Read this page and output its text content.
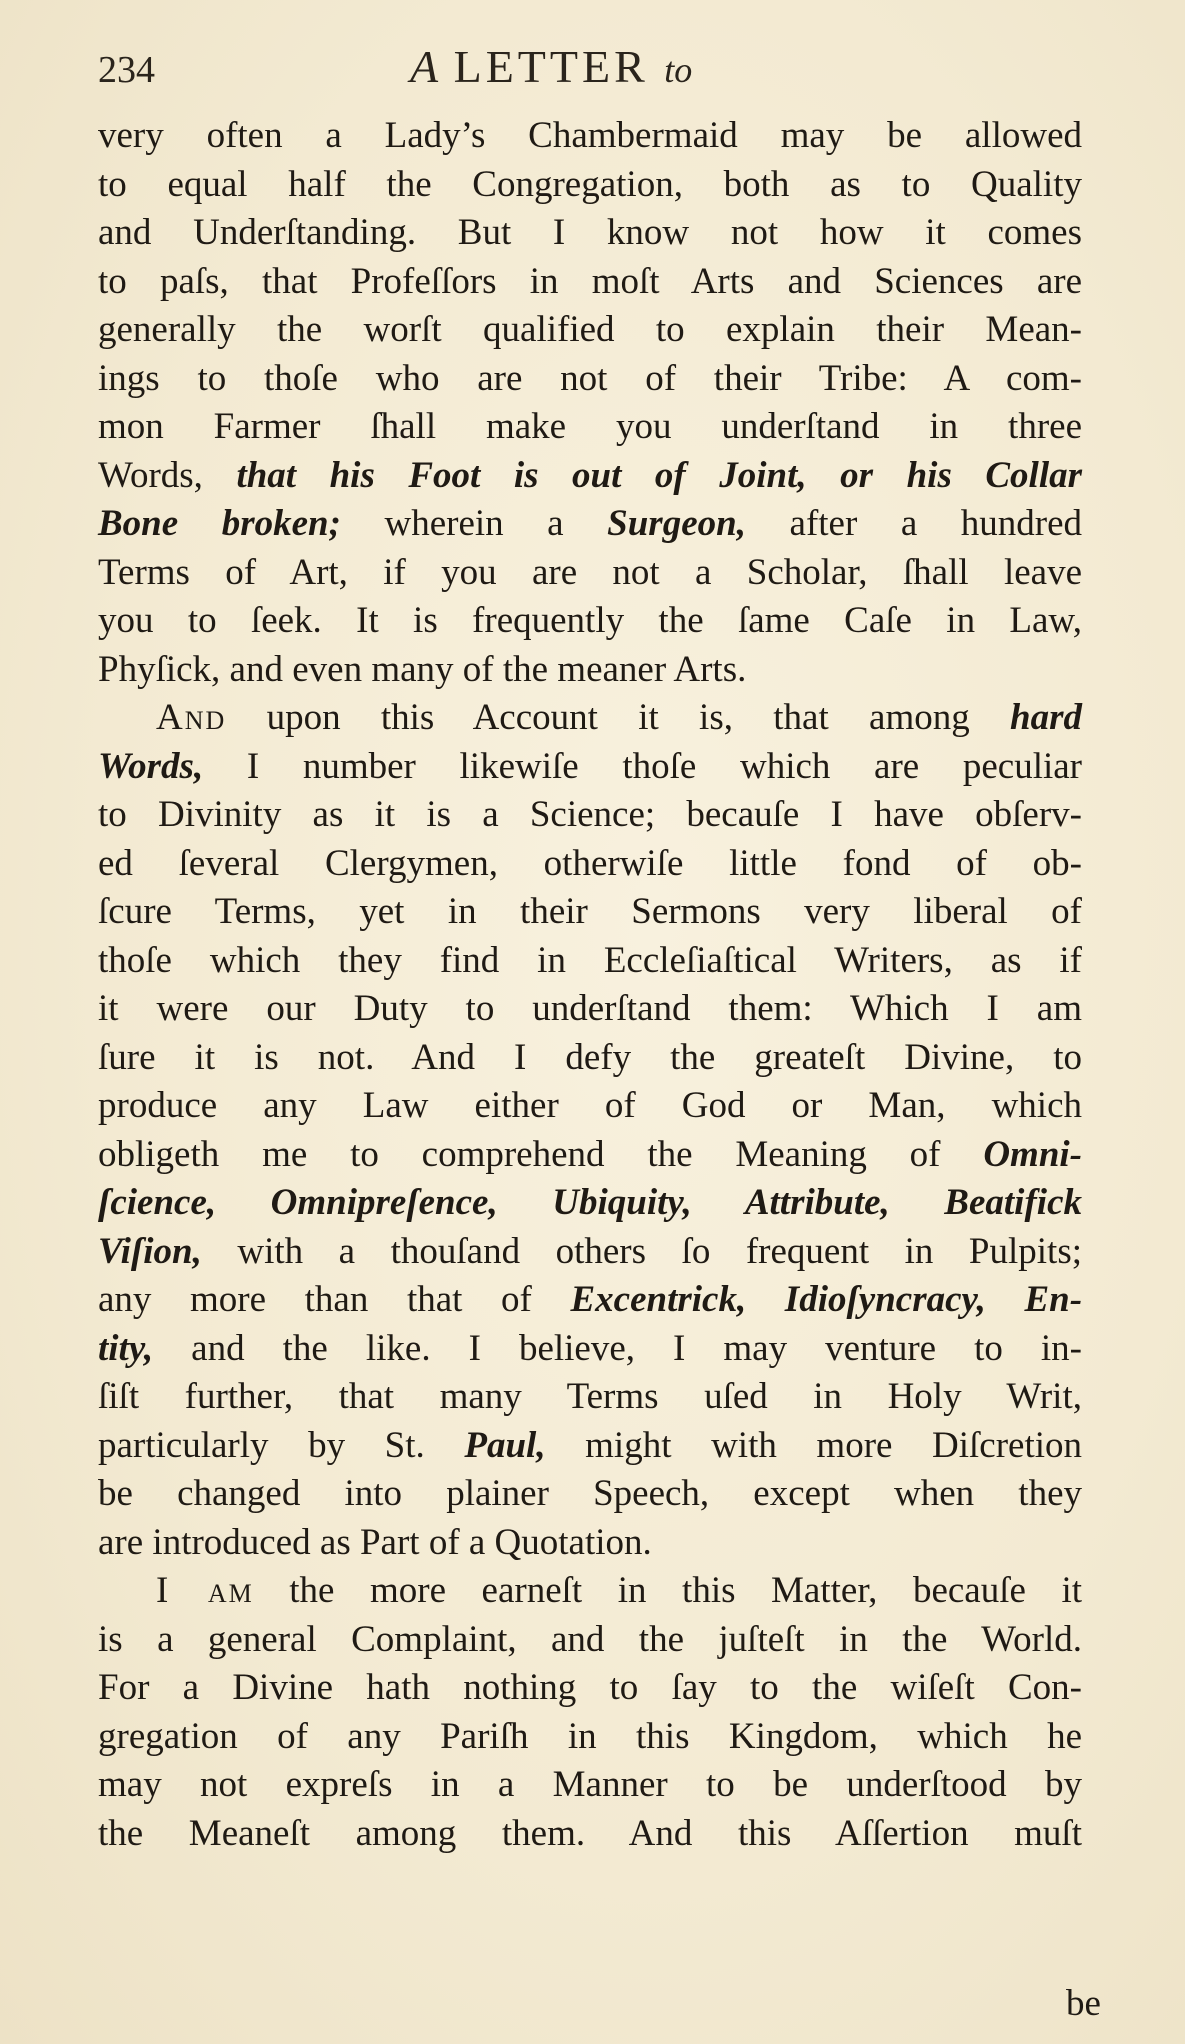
234	A LETTER to
very often a Lady’s Chambermaid may be allowed
to equal half the Congregation, both as to Quality
and Underſtanding. But I know not how it comes
to paſs, that Profeſſors in moſt Arts and Sciences are
generally the worſt qualified to explain their Mean-
ings to thoſe who are not of their Tribe: A com-
mon Farmer ſhall make you underſtand in three
Words, that his Foot is out of Joint, or his Collar
Bone broken; wherein a Surgeon, after a hundred
Terms of Art, if you are not a Scholar, ſhall leave
you to ſeek. It is frequently the ſame Caſe in Law,
Phyſick, and even many of the meaner Arts.
And upon this Account it is, that among hard
Words, I number likewiſe thoſe which are peculiar
to Divinity as it is a Science; becauſe I have obſerv-
ed ſeveral Clergymen, otherwiſe little fond of ob-
ſcure Terms, yet in their Sermons very liberal of
thoſe which they find in Eccleſiaſtical Writers, as if
it were our Duty to underſtand them: Which I am
ſure it is not. And I defy the greateſt Divine, to
produce any Law either of God or Man, which
obligeth me to comprehend the Meaning of Omni-
ſcience, Omnipreſence, Ubiquity, Attribute, Beatifick
Viſion, with a thouſand others ſo frequent in Pulpits;
any more than that of Excentrick, Idioſyncracy, En-
tity, and the like. I believe, I may venture to in-
ſiſt further, that many Terms uſed in Holy Writ,
particularly by St. Paul, might with more Diſcretion
be changed into plainer Speech, except when they
are introduced as Part of a Quotation.
I am the more earneſt in this Matter, becauſe it
is a general Complaint, and the juſteſt in the World.
For a Divine hath nothing to ſay to the wiſeſt Con-
gregation of any Pariſh in this Kingdom, which he
may not expreſs in a Manner to be underſtood by
the Meaneſt among them. And this Aſſertion muſt
be
